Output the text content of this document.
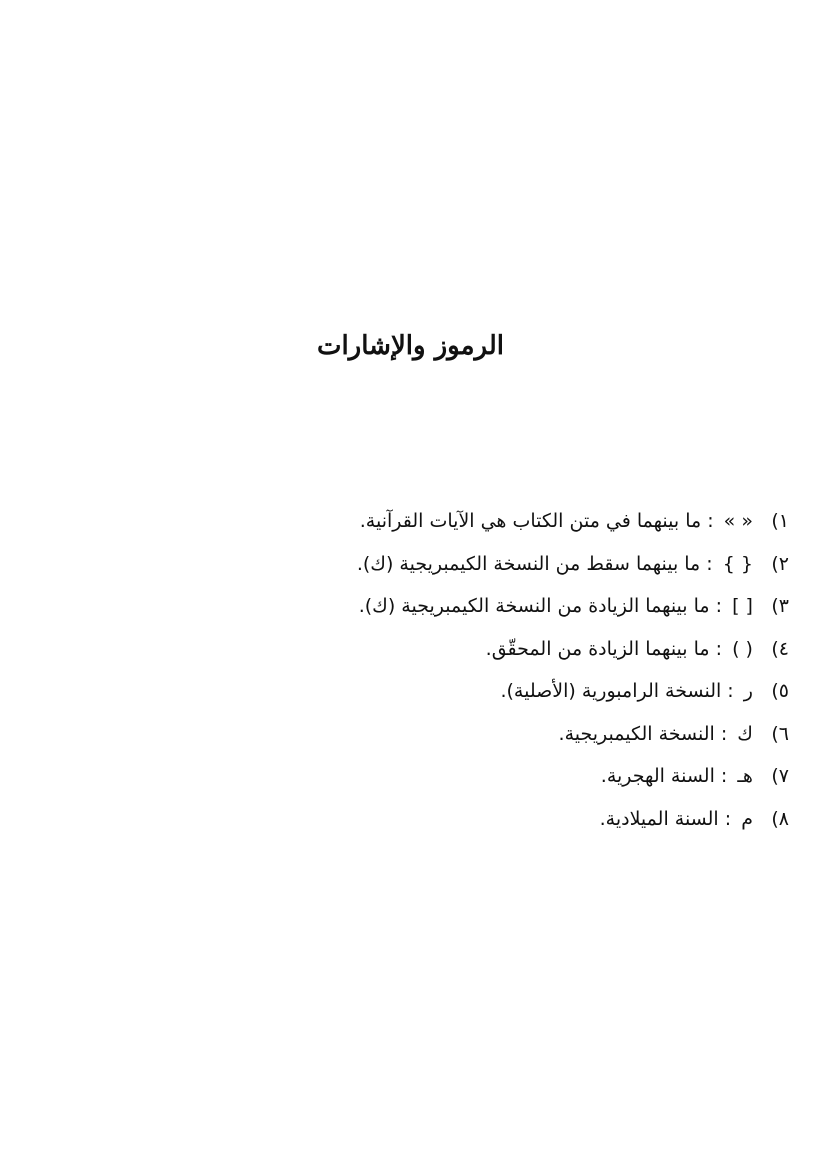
الرموز والإشارات
١) « » : ما بينهما في متن الكتاب هي الآيات القرآنية.
٢) { } : ما بينهما سقط من النسخة الكيمبريجية (ك).
٣) [ ] : ما بينهما الزيادة من النسخة الكيمبريجية (ك).
٤) ( ) : ما بينهما الزيادة من المحقّق.
٥) ر : النسخة الرامبورية (الأصلية).
٦) ك : النسخة الكيمبريجية.
٧) هـ : السنة الهجرية.
٨) م : السنة الميلادية.
